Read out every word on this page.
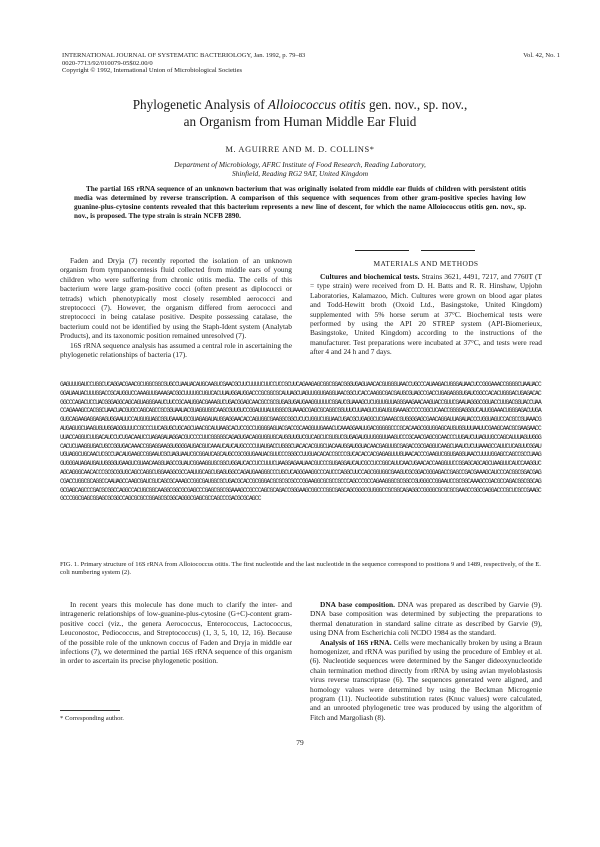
INTERNATIONAL JOURNAL OF SYSTEMATIC BACTERIOLOGY, Jan. 1992, p. 79–83
0020-7713/92/010079-05$02.00/0
Copyright © 1992, International Union of Microbiological Societies
Vol. 42, No. 1
Phylogenetic Analysis of Alloiococcus otitis gen. nov., sp. nov.,
an Organism from Human Middle Ear Fluid
M. AGUIRRE AND M. D. COLLINS*
Department of Microbiology, AFRC Institute of Food Research, Reading Laboratory,
Shinfield, Reading RG2 9AT, United Kingdom
The partial 16S rRNA sequence of an unknown bacterium that was originally isolated from middle ear fluids of children with persistent otitis media was determined by reverse transcription. A comparison of this sequence with sequences from other gram-positive species having low guanine-plus-cytosine contents revealed that this bacterium represents a new line of descent, for which the name Alloiococcus otitis gen. nov., sp. nov., is proposed. The type strain is strain NCFB 2890.

Faden and Dryja (7) recently reported the isolation of an unknown organism from tympanocentesis fluid collected from middle ears of young children who were suffering from chronic otitis media. The cells of this bacterium were large gram-positive cocci (often present as diplococci or tetrads) which phenotypically most closely resembled aerococci and streptococci (7). However, the organism differed from aerococci and streptococci in being catalase positive. Despite possessing catalase, the bacterium could not be identified by using the Staph-Ident system (Analytab Products), and its taxonomic position remained unresolved (7).

16S rRNA sequence analysis has assumed a central role in ascertaining the phylogenetic relationships of bacteria (17).

MATERIALS AND METHODS

Cultures and biochemical tests. Strains 3621, 4491, 7217, and 7760T (T = type strain) were received from D. H. Batts and R. R. Hinshaw, Upjohn Laboratories, Kalamazoo, Mich. Cultures were grown on blood agar plates and Todd-Hewitt broth (Oxoid Ltd., Basingstoke, United Kingdom) supplemented with 5% horse serum at 37°C. Biochemical tests were performed by using the API 20 STREP system (API-Biomerieux, Basingstoke, United Kingdom) according to the instructions of the manufacturer. Test preparations were incubated at 37°C, and tests were read after 4 and 24 h and 7 days.

GAGUUUGAUCCUGGCUCAGGACGAACGCUGGCGGCGUGCCUAAUACAUGCAAGUCGAACGCUUCUUUUCUUCCUCCGCUUCAGAAGAGCGGCGGACGGGUGAGUAACACGUGGGUAACCUGCCCAUAAGACUGGGAUAACUCCGGGAAACCGGGGCUAAUACCGGAUAAUACUUUGGACCGCAUGGUCCAAAGUUGAAAGACGGCUUUUGCUGUCACUUAUGGAUGGACCCGCGGCGCAUUAGCUAGUUGGUGAGGUAACGGCUCACCAAGGCGACGAUGCGUAGCCGACCUGAGAGGGUGAUCGGCCACACUGGGACUGAGACACGGCCCAGACUCCUACGGGAGGCAGCAGUAGGGAAUCUUCCGCAAUGGACGAAAGUCUGACGGAGCAACGCCGCGUGAGUGAUGAAGGUUUUCGGAUCGUAAAGCUCUGUUGUUAGGGAAGAACAAGUACCGUUCGAAUAGGGCGGUACCUUGACGGUACCUAACCAGAAAGCCACGGCUAACUACGUGCCAGCAGCCGCGGUAAUACGUAGGUGGCAAGCGUUGUCCGGAUUUAUUGGGCGUAAAGCGAGCGCAGGCGGUUUCUUAAGUCUGAUGUGAAAGCCCCCGGCUCAACCGGGGAGGGUCAUUGGAAACUGGGAGACUUGAGUGCAGAAGAGGAGAGUGGAAUUCCAUGUGUAGCGGUGAAAUGCGUAGAGAUAUGGAGGAACACCAGUGGCGAAGGCGGCUCUCUGGUCUGUAACUGACGCUGAGGCUCGAAAGCGUGGGGAGCGAACAGGAUUAGAUACCCUGGUAGUCCACGCCGUAAACGAUGAGUGCUAAGUGUUGGAGGGUUUCCGCCCUUCAGUGCUGCAGCUAACGCAUUAAGCACUCCGCCUGGGGAGUACGACCGCAAGGUUGAAACUCAAAGGAAUUGACGGGGGCCCGCACAAGCGGUGGAGCAUGUGGUUUAAUUCGAAGCAACGCGAAGAACCUUACCAGGUCUUGACAUCCUCUGACAAUCCUAGAGAUAGGACGUCCCCUUCGGGGGCAGAGUGACAGGUGGUGCAUGGUUGUCGUCAGCUCGUGUCGUGAGAUGUUGGGUUAAGUCCCGCAACGAGCGCAACCCUUGAUCUUAGUUGCCAGCAUUUAGUUGGGCACUCUAAGGUGACUGCCGGUGACAAACCGGAGGAAGGUGGGGAUGACGUCAAAUCAUCAUGCCCCUUAUGACCUGGGCUACACACGUGCUACAAUGGAUGGUACAACGAGUUGCGAGACCGCGAGGUCAAGCUAAUCUCUUAAAGCCAUUCUCAGUUCGGAUUGUAGGCUGCAACUCGCCUACAUGAAGCCGGAAUCGCUAGUAAUCGCGGAUCAGCAUGCCGCGGUGAAUACGUUCCCGGGCCUUGUACACACCGCCCGUCACACCACGAGAGUUUGUAACACCCGAAGUCGGUGAGGUAACCUUUUGGAGCCAGCCGCCUAAGGUGGGAUAGAUGAUUGGGGUGAAGUCGUAACAAGGUAGCCGUAUCGGAAGGUGCGGCUGGAUCACCUCCUUUCUAAGGAGAAUAACGUCCCGUGAGGAUCAUCGCCUCCGGCAUUCAACUGAACACCAAGGUUCCGGAGCAGCAGCUAAGUUCAUCCAAGGUCAGCAGGGCAACACCCGCGCGGUGCAGCCAGGCUGGAAGGCGCCAAUUGCAGCUGAGUGGCCAGAUGAAGGGCCCUGCUCAGGGAAGGCCCAUCCCAGGCUUCCAGCGGUGGCGAAGUCGCGGACGGGAGACCGAGCCGACGAAAGCAUCCCACGGCGGACGAGCGACCUGGCGCAGGCCAAUAGCCAAGCGAUCGUCAGCGCAAAGCCGGCGAUGGCGCUGACGCACCGCGGGACGCGCGCGCCCGGAAGGCGCGCCGCCCAGCCCGCCAGAAGGGCGCGGCCGUGGGCCGGAAUCCGCGGCAAAGCCGACGCCAGACGGCGGCAGGCGAGCAGCCCGACGCGGCCAGGCCACUGCGGCAAGGCGGCGCGAGCCCGAGCGGCGGAAAGCCGCCCAGCGCAGACCGGGAAGCGGCCCGGCGAGCAGCGGGCGUGGGCCGCGGCAGAGGCCGGGGCGCGCGCGAAGCCGGCGAGGACCCGCUCGCCGAAGCGCCCGGCGAGCGGAGCGCGGCCAGCGCGCCGGAGCGCGGCAGGGCGAGCGCCAGCCCGACGCGCAGCC
FIG. 1. Primary structure of 16S rRNA from Alloiococcus otitis. The first nucleotide and the last nucleotide in the sequence correspond to positions 9 and 1489, respectively, of the E. coli numbering system (2).

In recent years this molecule has done much to clarify the inter- and intrageneric relationships of low-guanine-plus-cytosine (G+C)-content gram-positive cocci (viz., the genera Aerococcus, Enterococcus, Lactococcus, Leuconostoc, Pediococcus, and Streptococcus) (1, 3, 5, 10, 12, 16). Because of the possible role of the unknown coccus of Faden and Dryja in middle ear infections (7), we determined the partial 16S rRNA sequence of this organism in order to ascertain its precise phylogenetic position.

DNA base composition. DNA was prepared as described by Garvie (9). DNA base composition was determined by subjecting the preparations to thermal denaturation in standard saline citrate as described by Garvie (9), using DNA from Escherichia coli NCDO 1984 as the standard.

Analysis of 16S rRNA. Cells were mechanically broken by using a Braun homogenizer, and rRNA was purified by using the procedure of Embley et al. (6). Nucleotide sequences were determined by the Sanger dideoxynucleotide chain termination method directly from rRNA by using avian myeloblastosis virus reverse transcriptase (6). The sequences generated were aligned, and homology values were determined by using the Beckman Microgenie program (11). Nucleotide substitution rates (Knuc values) were calculated, and an unrooted phylogenetic tree was produced by using the algorithm of Fitch and Margoliash (8).

* Corresponding author.
79
